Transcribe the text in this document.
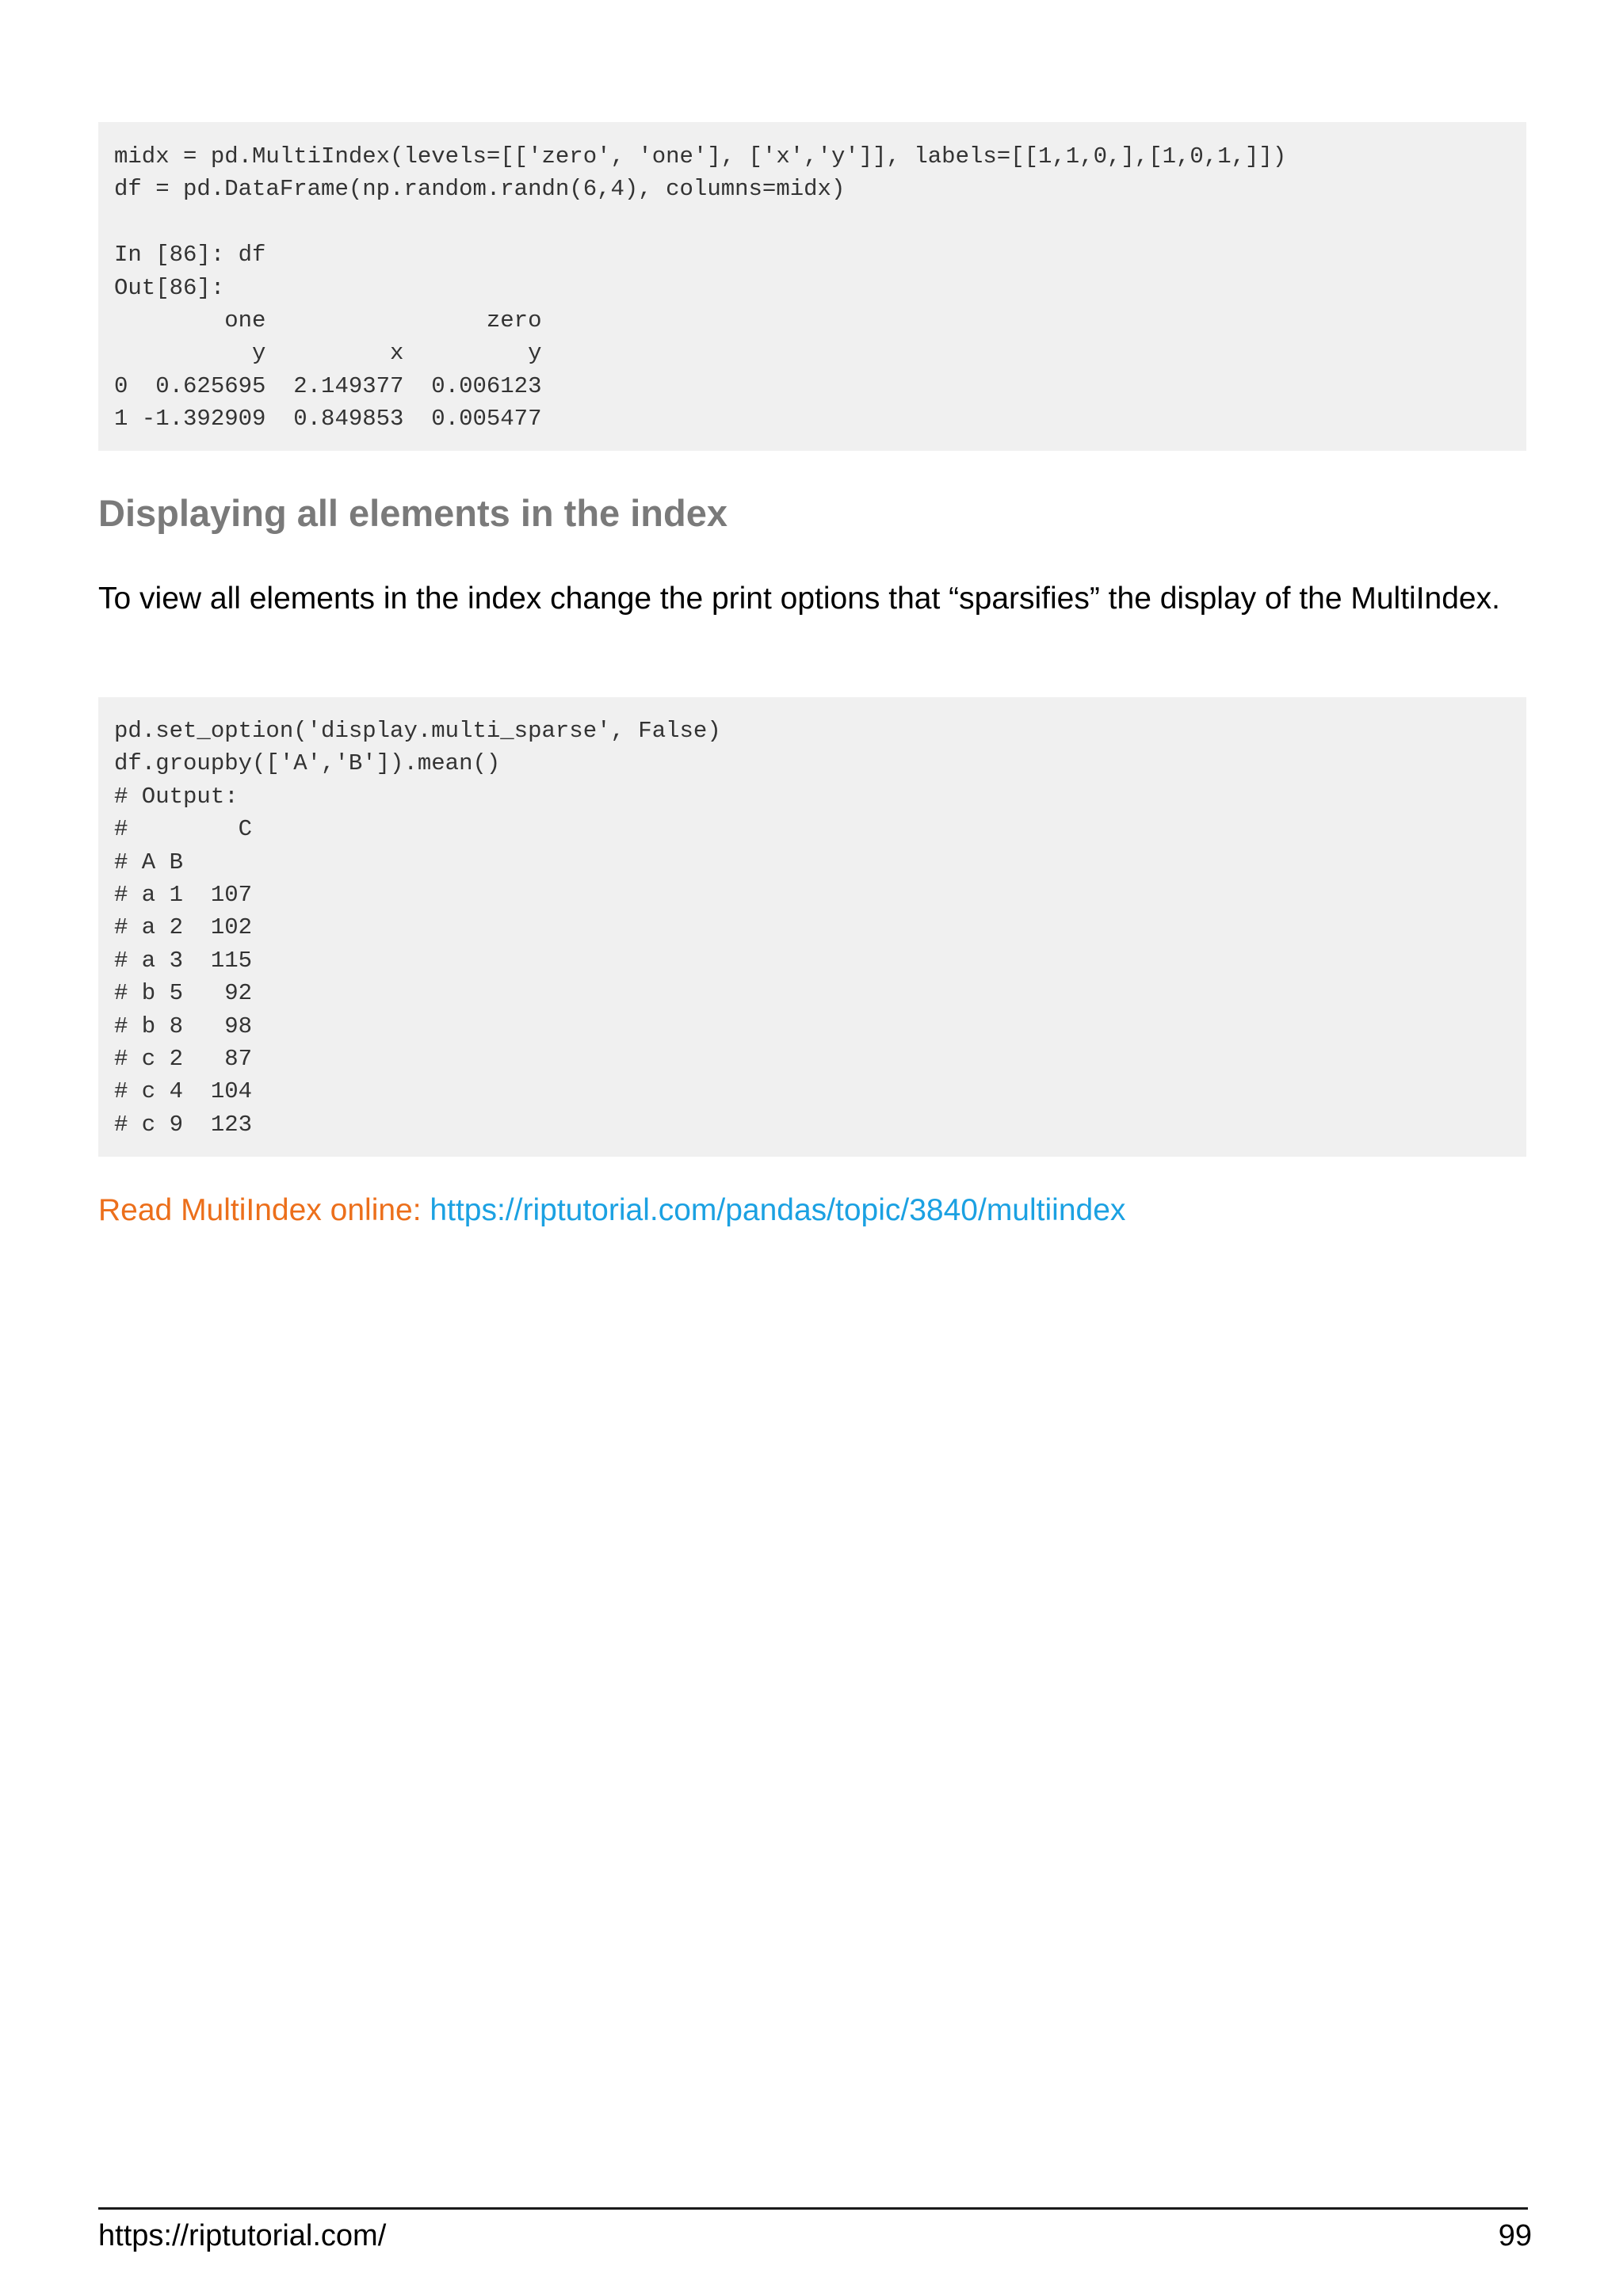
midx = pd.MultiIndex(levels=[['zero', 'one'], ['x','y']], labels=[[1,1,0,],[1,0,1,]])
df = pd.DataFrame(np.random.randn(6,4), columns=midx)

In [86]: df
Out[86]:
one                zero
y         x         y
0  0.625695  2.149377  0.006123
1 -1.392909  0.849853  0.005477
Displaying all elements in the index

To view all elements in the index change the print options that “sparsifies” the display of the MultiIndex.

pd.set_option('display.multi_sparse', False)
df.groupby(['A','B']).mean()
# Output:
#        C
# A B
# a 1  107
# a 2  102
# a 3  115
# b 5   92
# b 8   98
# c 2   87
# c 4  104
# c 9  123

Read MultiIndex online: https://riptutorial.com/pandas/topic/3840/multiindex

https://riptutorial.com/	99
